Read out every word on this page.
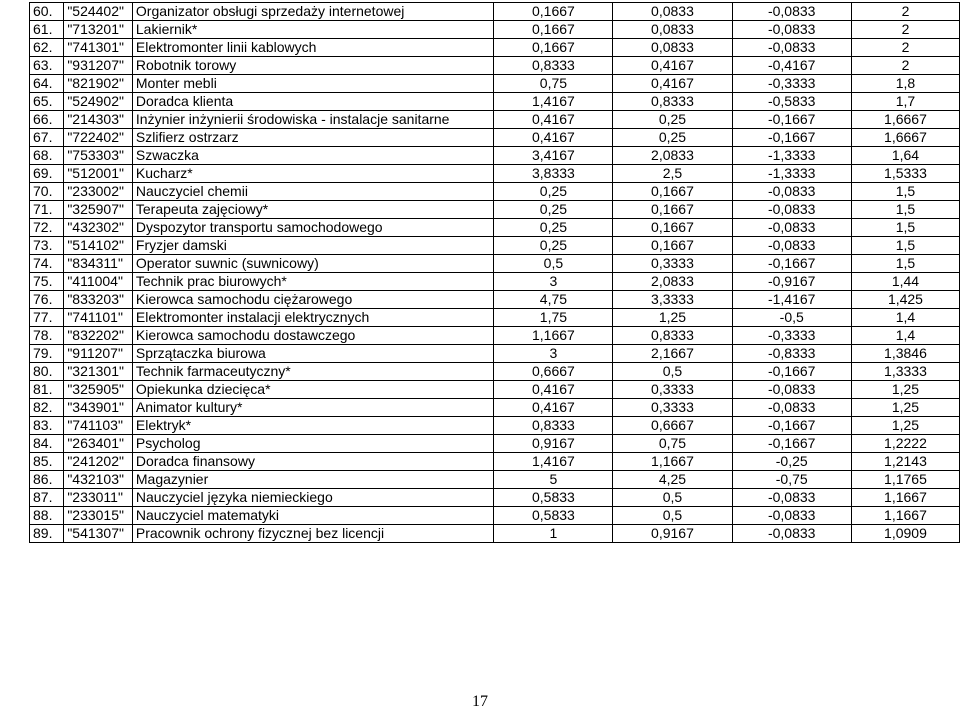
60.	"524402"	Organizator obsługi sprzedaży internetowej	0,1667	0,0833	-0,0833	2
61.	"713201"	Lakiernik*	0,1667	0,0833	-0,0833	2
62.	"741301"	Elektromonter linii kablowych	0,1667	0,0833	-0,0833	2
63.	"931207"	Robotnik torowy	0,8333	0,4167	-0,4167	2
64.	"821902"	Monter mebli	0,75	0,4167	-0,3333	1,8
65.	"524902"	Doradca klienta	1,4167	0,8333	-0,5833	1,7
66.	"214303"	Inżynier inżynierii środowiska - instalacje sanitarne	0,4167	0,25	-0,1667	1,6667
67.	"722402"	Szlifierz ostrzarz	0,4167	0,25	-0,1667	1,6667
68.	"753303"	Szwaczka	3,4167	2,0833	-1,3333	1,64
69.	"512001"	Kucharz*	3,8333	2,5	-1,3333	1,5333
70.	"233002"	Nauczyciel chemii	0,25	0,1667	-0,0833	1,5
71.	"325907"	Terapeuta zajęciowy*	0,25	0,1667	-0,0833	1,5
72.	"432302"	Dyspozytor transportu samochodowego	0,25	0,1667	-0,0833	1,5
73.	"514102"	Fryzjer damski	0,25	0,1667	-0,0833	1,5
74.	"834311"	Operator suwnic (suwnicowy)	0,5	0,3333	-0,1667	1,5
75.	"411004"	Technik prac biurowych*	3	2,0833	-0,9167	1,44
76.	"833203"	Kierowca samochodu ciężarowego	4,75	3,3333	-1,4167	1,425
77.	"741101"	Elektromonter instalacji elektrycznych	1,75	1,25	-0,5	1,4
78.	"832202"	Kierowca samochodu dostawczego	1,1667	0,8333	-0,3333	1,4
79.	"911207"	Sprzątaczka biurowa	3	2,1667	-0,8333	1,3846
80.	"321301"	Technik farmaceutyczny*	0,6667	0,5	-0,1667	1,3333
81.	"325905"	Opiekunka dziecięca*	0,4167	0,3333	-0,0833	1,25
82.	"343901"	Animator kultury*	0,4167	0,3333	-0,0833	1,25
83.	"741103"	Elektryk*	0,8333	0,6667	-0,1667	1,25
84.	"263401"	Psycholog	0,9167	0,75	-0,1667	1,2222
85.	"241202"	Doradca finansowy	1,4167	1,1667	-0,25	1,2143
86.	"432103"	Magazynier	5	4,25	-0,75	1,1765
87.	"233011"	Nauczyciel języka niemieckiego	0,5833	0,5	-0,0833	1,1667
88.	"233015"	Nauczyciel matematyki	0,5833	0,5	-0,0833	1,1667
89.	"541307"	Pracownik ochrony fizycznej bez licencji	1	0,9167	-0,0833	1,0909
17
